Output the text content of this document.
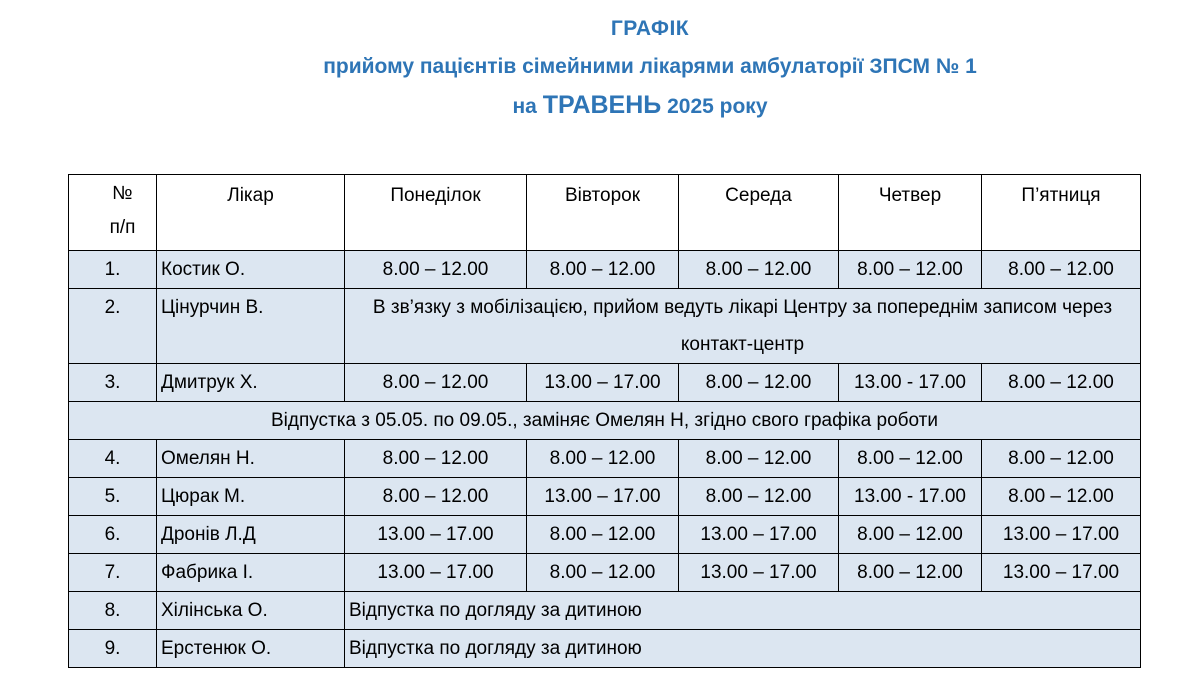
ГРАФІК
прийому пацієнтів сімейними лікарями амбулаторії ЗПСМ № 1
на ТРАВЕНЬ 2025 року
№
п/п	Лікар	Понеділок	Вівторок	Середа	Четвер	П’ятниця
1.	Костик О.	8.00 – 12.00	8.00 – 12.00	8.00 – 12.00	8.00 – 12.00	8.00 – 12.00
2.	Цінурчин В.	В зв’язку з мобілізацією, прийом ведуть лікарі Центру за попереднім записом через контакт-центр				
3.	Дмитрук Х.	8.00 – 12.00	13.00 – 17.00	8.00 – 12.00	13.00 - 17.00	8.00 – 12.00
Відпустка з 05.05. по 09.05., заміняє Омелян Н, згідно свого графіка роботи						
4.	Омелян Н.	8.00 – 12.00	8.00 – 12.00	8.00 – 12.00	8.00 – 12.00	8.00 – 12.00
5.	Цюрак М.	8.00 – 12.00	13.00 – 17.00	8.00 – 12.00	13.00 - 17.00	8.00 – 12.00
6.	Дронів Л.Д	13.00 – 17.00	8.00 – 12.00	13.00 – 17.00	8.00 – 12.00	13.00 – 17.00
7.	Фабрика І.	13.00 – 17.00	8.00 – 12.00	13.00 – 17.00	8.00 – 12.00	13.00 – 17.00
8.	Хілінська О.	Відпустка по догляду за дитиною				
9.	Ерстенюк О.	Відпустка по догляду за дитиною				
